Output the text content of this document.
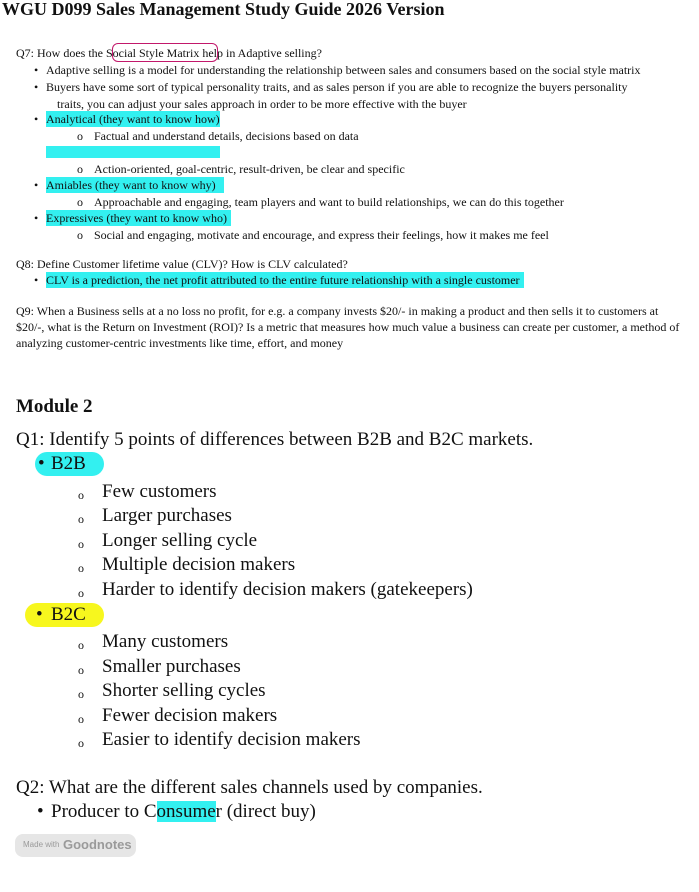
WGU D099 Sales Management Study Guide 2026 Version
Q7: How does the Social Style Matrix help in Adaptive selling?
• Adaptive selling is a model for understanding the relationship between sales and consumers based on the social style matrix
• Buyers have some sort of typical personality traits, and as sales person if you are able to recognize the buyers personality
traits, you can adjust your sales approach in order to be more effective with the buyer
• Analytical (they want to know how)
o Factual and understand details, decisions based on data
o Action-oriented, goal-centric, result-driven, be clear and specific
• Amiables (they want to know why)
o Approachable and engaging, team players and want to build relationships, we can do this together
• Expressives (they want to know who)
o Social and engaging, motivate and encourage, and express their feelings, how it makes me feel
Q8: Define Customer lifetime value (CLV)? How is CLV calculated?
• CLV is a prediction, the net profit attributed to the entire future relationship with a single customer
Q9: When a Business sells at a no loss no profit, for e.g. a company invests $20/- in making a product and then sells it to customers at $20/-, what is the Return on Investment (ROI)? Is a metric that measures how much value a business can create per customer, a method of analyzing customer-centric investments like time, effort, and money
Module 2
Q1: Identify 5 points of differences between B2B and B2C markets.
• B2B
o Few customers
o Larger purchases
o Longer selling cycle
o Multiple decision makers
o Harder to identify decision makers (gatekeepers)
• B2C
o Many customers
o Smaller purchases
o Shorter selling cycles
o Fewer decision makers
o Easier to identify decision makers
Q2: What are the different sales channels used by companies.
• Producer to Consumer (direct buy)
Made with Goodnotes
